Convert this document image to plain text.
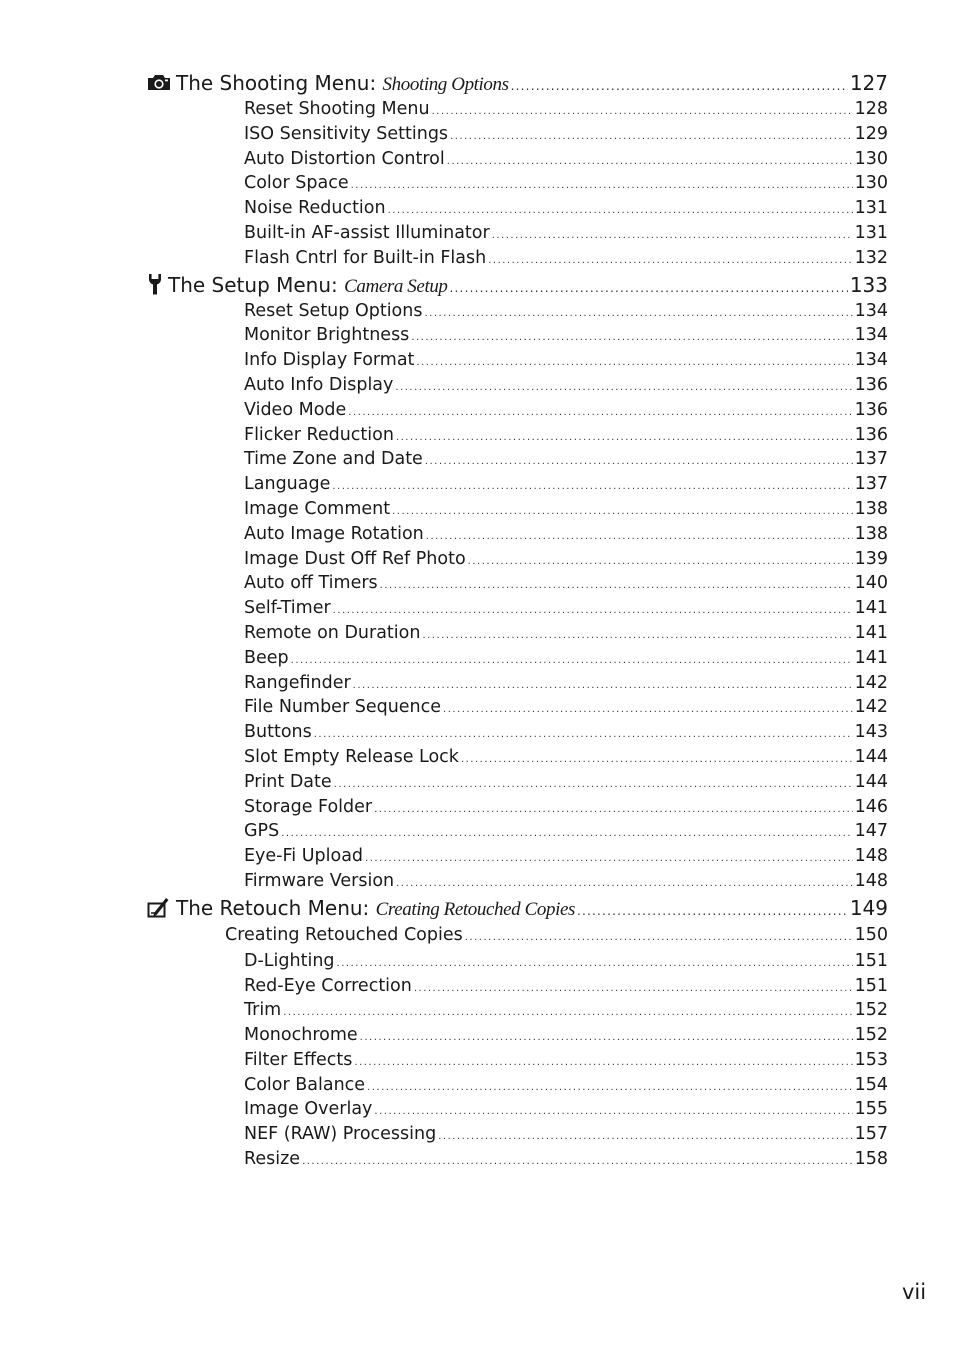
The Shooting Menu: Shooting Options .....	127
Reset Shooting Menu .....	128
ISO Sensitivity Settings .....	129
Auto Distortion Control .....	130
Color Space .....	130
Noise Reduction .....	131
Built-in AF-assist Illuminator .....	131
Flash Cntrl for Built-in Flash .....	132
The Setup Menu: Camera Setup .....	133
Reset Setup Options .....	134
Monitor Brightness .....	134
Info Display Format .....	134
Auto Info Display .....	136
Video Mode .....	136
Flicker Reduction .....	136
Time Zone and Date .....	137
Language .....	137
Image Comment .....	138
Auto Image Rotation .....	138
Image Dust Off Ref Photo .....	139
Auto off Timers .....	140
Self-Timer .....	141
Remote on Duration .....	141
Beep .....	141
Rangefinder .....	142
File Number Sequence .....	142
Buttons .....	143
Slot Empty Release Lock .....	144
Print Date .....	144
Storage Folder .....	146
GPS .....	147
Eye-Fi Upload .....	148
Firmware Version .....	148
The Retouch Menu: Creating Retouched Copies .....	149
Creating Retouched Copies .....	150
D-Lighting .....	151
Red-Eye Correction .....	151
Trim .....	152
Monochrome .....	152
Filter Effects .....	153
Color Balance .....	154
Image Overlay .....	155
NEF (RAW) Processing .....	157
Resize .....	158
vii
